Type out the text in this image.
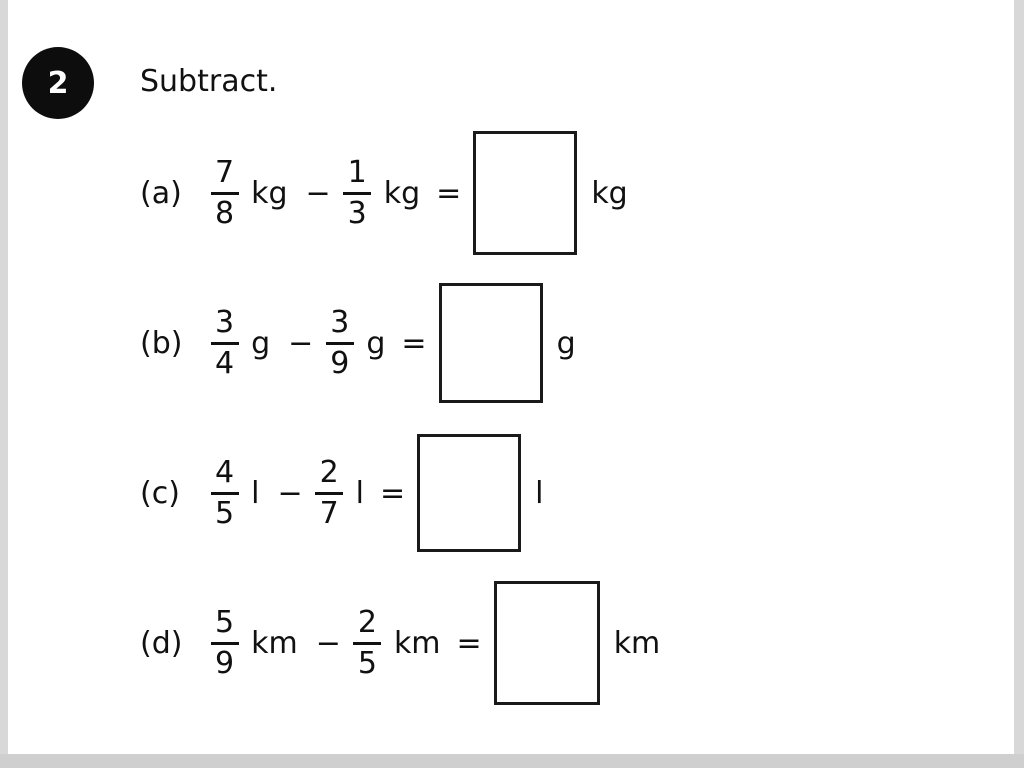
2	Subtract.
$(a) \frac{7}{8}$ kg − $\frac{1}{3}$ kg =	kg
$(b) \frac{3}{4}$ $g - \frac{3}{9}$ g =	g
(c)	$\frac{4}{5}$ $l - \frac{2}{7}$ l =	l
$(d) \frac{5}{9}$ km − $\frac{2}{5}$ km =	km
